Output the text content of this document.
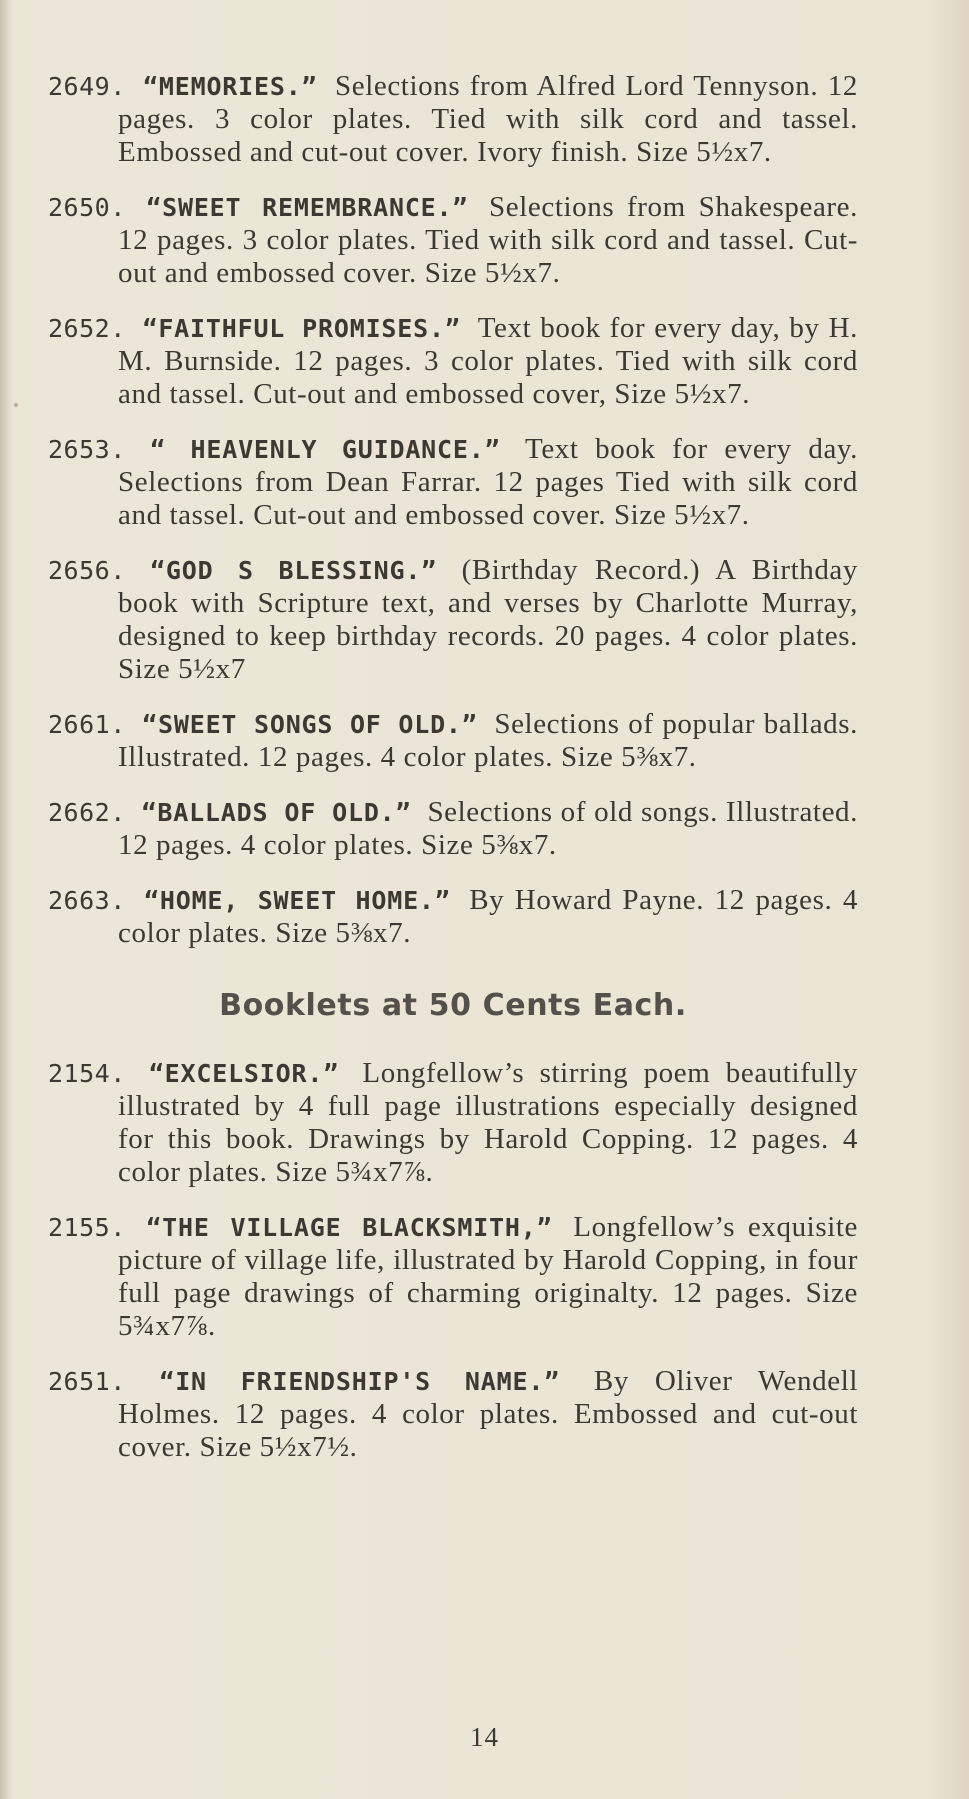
2649. “MEMORIES.” Selections from Alfred Lord Tennyson. 12 pages. 3 color plates. Tied with silk cord and tassel. Embossed and cut-out cover. Ivory finish. Size 5½x7.
2650. “SWEET REMEMBRANCE.” Selections from Shakespeare. 12 pages. 3 color plates. Tied with silk cord and tassel. Cut-out and embossed cover. Size 5½x7.
2652. “FAITHFUL PROMISES.” Text book for every day, by H. M. Burnside. 12 pages. 3 color plates. Tied with silk cord and tassel. Cut-out and embossed cover, Size 5½x7.
2653. “ HEAVENLY GUIDANCE.” Text book for every day. Selections from Dean Farrar. 12 pages Tied with silk cord and tassel. Cut-out and embossed cover. Size 5½x7.
2656. “GOD S BLESSING.” (Birthday Record.) A Birthday book with Scripture text, and verses by Charlotte Murray, designed to keep birthday records. 20 pages. 4 color plates. Size 5½x7
2661. “SWEET SONGS OF OLD.” Selections of popular ballads. Illustrated. 12 pages. 4 color plates. Size 5⅜x7.
2662. “BALLADS OF OLD.” Selections of old songs. Illustrated. 12 pages. 4 color plates. Size 5⅜x7.
2663. “HOME, SWEET HOME.” By Howard Payne. 12 pages. 4 color plates. Size 5⅜x7.
Booklets at 50 Cents Each.
2154. “EXCELSIOR.” Longfellow’s stirring poem beautifully illustrated by 4 full page illustrations especially designed for this book. Drawings by Harold Copping. 12 pages. 4 color plates. Size 5¾x7⅞.
2155. “THE VILLAGE BLACKSMITH,” Longfellow’s exquisite picture of village life, illustrated by Harold Copping, in four full page drawings of charming originalty. 12 pages. Size 5¾x7⅞.
2651. “IN FRIENDSHIP'S NAME.” By Oliver Wendell Holmes. 12 pages. 4 color plates. Embossed and cut-out cover. Size 5½x7½.
14
